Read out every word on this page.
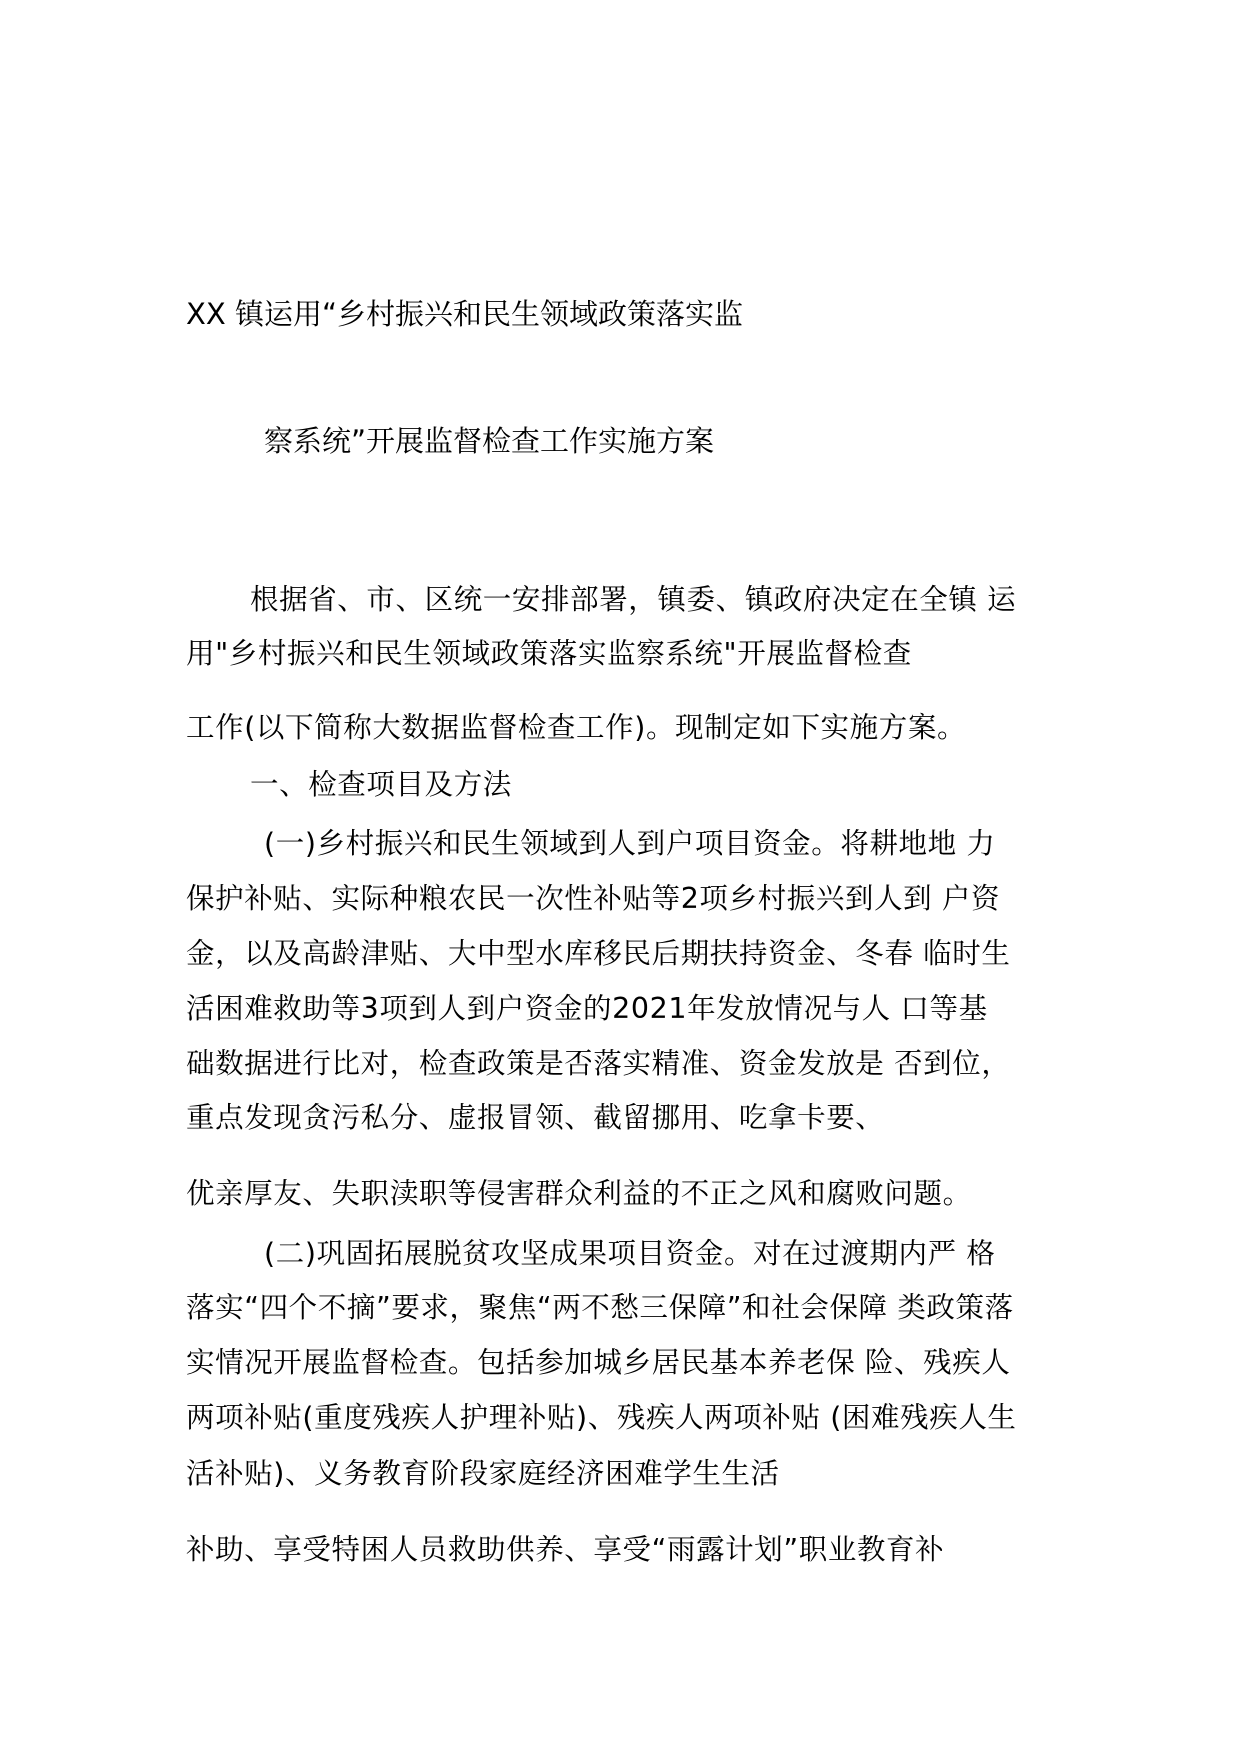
XX 镇运用“乡村振兴和民生领域政策落实监
察系统”开展监督检查工作实施方案
根据省、市、区统一安排部署，镇委、镇政府决定在全镇 运
用"乡村振兴和民生领域政策落实监察系统"开展监督检查
工作(以下简称大数据监督检查工作)。现制定如下实施方案。
一、检查项目及方法
(一)乡村振兴和民生领域到人到户项目资金。将耕地地 力
保护补贴、实际种粮农民一次性补贴等2项乡村振兴到人到 户资
金，以及高龄津贴、大中型水库移民后期扶持资金、冬春 临时生
活困难救助等3项到人到户资金的2021年发放情况与人 口等基
础数据进行比对，检查政策是否落实精准、资金发放是 否到位，
重点发现贪污私分、虚报冒领、截留挪用、吃拿卡要、
优亲厚友、失职渎职等侵害群众利益的不正之风和腐败问题。
(二)巩固拓展脱贫攻坚成果项目资金。对在过渡期内严 格
落实“四个不摘”要求，聚焦“两不愁三保障”和社会保障 类政策落
实情况开展监督检查。包括参加城乡居民基本养老保 险、残疾人
两项补贴(重度残疾人护理补贴)、残疾人两项补贴 (困难残疾人生
活补贴)、义务教育阶段家庭经济困难学生生活
补助、享受特困人员救助供养、享受“雨露计划”职业教育补
